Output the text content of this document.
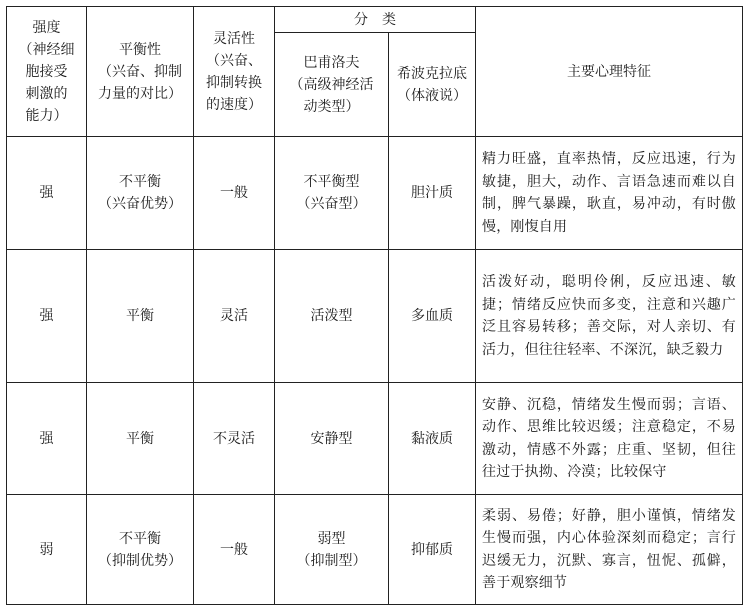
强度
（神经细
胞接受
刺激的
能力）	平衡性
（兴奋、抑制
力量的对比）	灵活性
（兴奋、
抑制转换
的速度）	分　类		主要心理特征

			巴甫洛夫
（高级神经活
动类型）	希波克拉底
（体液说）	

强	不平衡
（兴奋优势）	一般	不平衡型
（兴奋型）	胆汁质	精力旺盛，直率热情，反应迅速，行为敏捷，胆大，动作、言语急速而难以自制，脾气暴躁，耿直，易冲动，有时傲慢，刚愎自用
强	平衡	灵活	活泼型	多血质	活泼好动，聪明伶俐，反应迅速、敏捷；情绪反应快而多变，注意和兴趣广泛且容易转移；善交际，对人亲切、有活力，但往往轻率、不深沉，缺乏毅力
强	平衡	不灵活	安静型	黏液质	安静、沉稳，情绪发生慢而弱；言语、动作、思维比较迟缓；注意稳定，不易激动，情感不外露；庄重、坚韧，但往往过于执拗、冷漠；比较保守
弱	不平衡
（抑制优势）	一般	弱型
（抑制型）	抑郁质	柔弱、易倦；好静，胆小谨慎，情绪发生慢而强，内心体验深刻而稳定；言行迟缓无力，沉默、寡言，忸怩、孤僻，善于观察细节
